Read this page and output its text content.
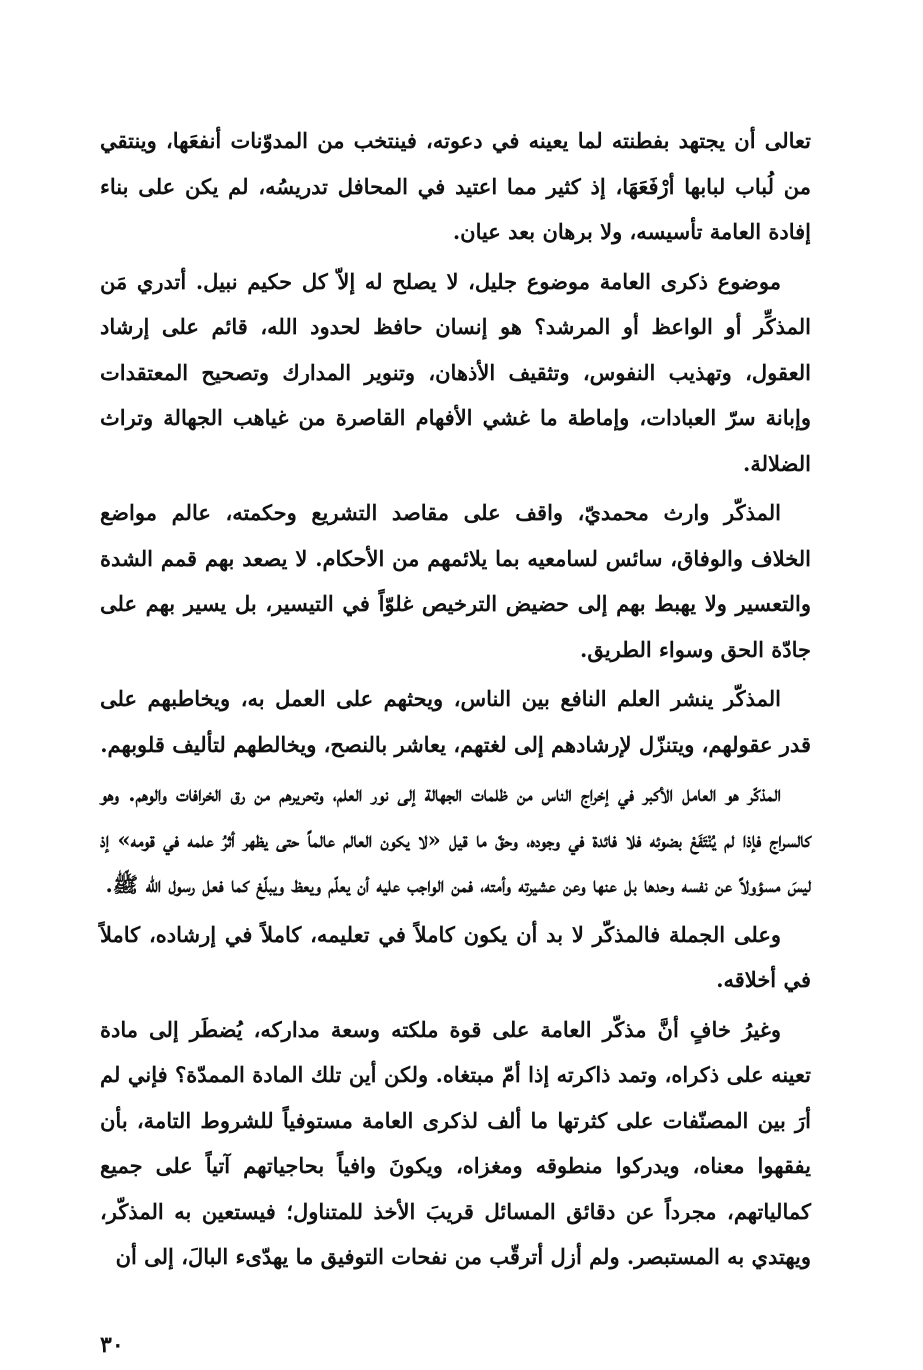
تعالى أن يجتهد بفطنته لما يعينه في دعوته، فينتخب من المدوّنات أنفعَها، وينتقي من لُباب لبابها أرْفَعَهَا، إذ كثير مما اعتيد في المحافل تدريسُه، لم يكن على بناء إفادة العامة تأسيسه، ولا برهان بعد عيان.

موضوع ذكرى العامة موضوع جليل، لا يصلح له إلاّ كل حكيم نبيل. أتدري مَن المذكِّر أو الواعظ أو المرشد؟ هو إنسان حافظ لحدود الله، قائم على إرشاد العقول، وتهذيب النفوس، وتثقيف الأذهان، وتنوير المدارك وتصحيح المعتقدات وإبانة سرّ العبادات، وإماطة ما غشي الأفهام القاصرة من غياهب الجهالة وتراث الضلالة.

المذكّر وارث محمديّ، واقف على مقاصد التشريع وحكمته، عالم مواضع الخلاف والوفاق، سائس لسامعيه بما يلائمهم من الأحكام. لا يصعد بهم قمم الشدة والتعسير ولا يهبط بهم إلى حضيض الترخيص غلوّاً في التيسير، بل يسير بهم على جادّة الحق وسواء الطريق.

المذكّر ينشر العلم النافع بين الناس، ويحثهم على العمل به، ويخاطبهم على قدر عقولهم، ويتنزّل لإرشادهم إلى لغتهم، يعاشر بالنصح، ويخالطهم لتأليف قلوبهم.

المذكّر هو العامل الأكبر في إخراج الناس من ظلمات الجهالة إلى نور العلم، وتحريرهم من رق الخرافات والوهم. وهو كالسراج فإذا لم يُنْتَفَعْ بضوئه فلا فائدة في وجوده، وحقّ ما قيل «لا يكون العالم عالماً حتى يظهر أثرُ علمه في قومه» إذ ليسَ مسؤولاً عن نفسه وحدها بل عنها وعن عشيرته وأمته، فمن الواجب عليه أن يعلّم ويعظ ويبلّغ كما فعل رسول الله ﷺ.

وعلى الجملة فالمذكّر لا بد أن يكون كاملاً في تعليمه، كاملاً في إرشاده، كاملاً في أخلاقه.

وغيرُ خافٍ أنَّ مذكّر العامة على قوة ملكته وسعة مداركه، يُضطَر إلى مادة تعينه على ذكراه، وتمد ذاكرته إذا أمّ مبتغاه. ولكن أين تلك المادة الممدّة؟ فإني لم أرَ بين المصنّفات على كثرتها ما ألف لذكرى العامة مستوفياً للشروط التامة، بأن يفقهوا معناه، ويدركوا منطوقه ومغزاه، ويكونَ وافياً بحاجياتهم آتياً على جميع كمالياتهم، مجرداً عن دقائق المسائل قريبَ الأخذ للمتناول؛ فيستعين به المذكّر، ويهتدي به المستبصر. ولم أزل أترقّب من نفحات التوفيق ما يهدّىء البالَ، إلى أن

٣٠
